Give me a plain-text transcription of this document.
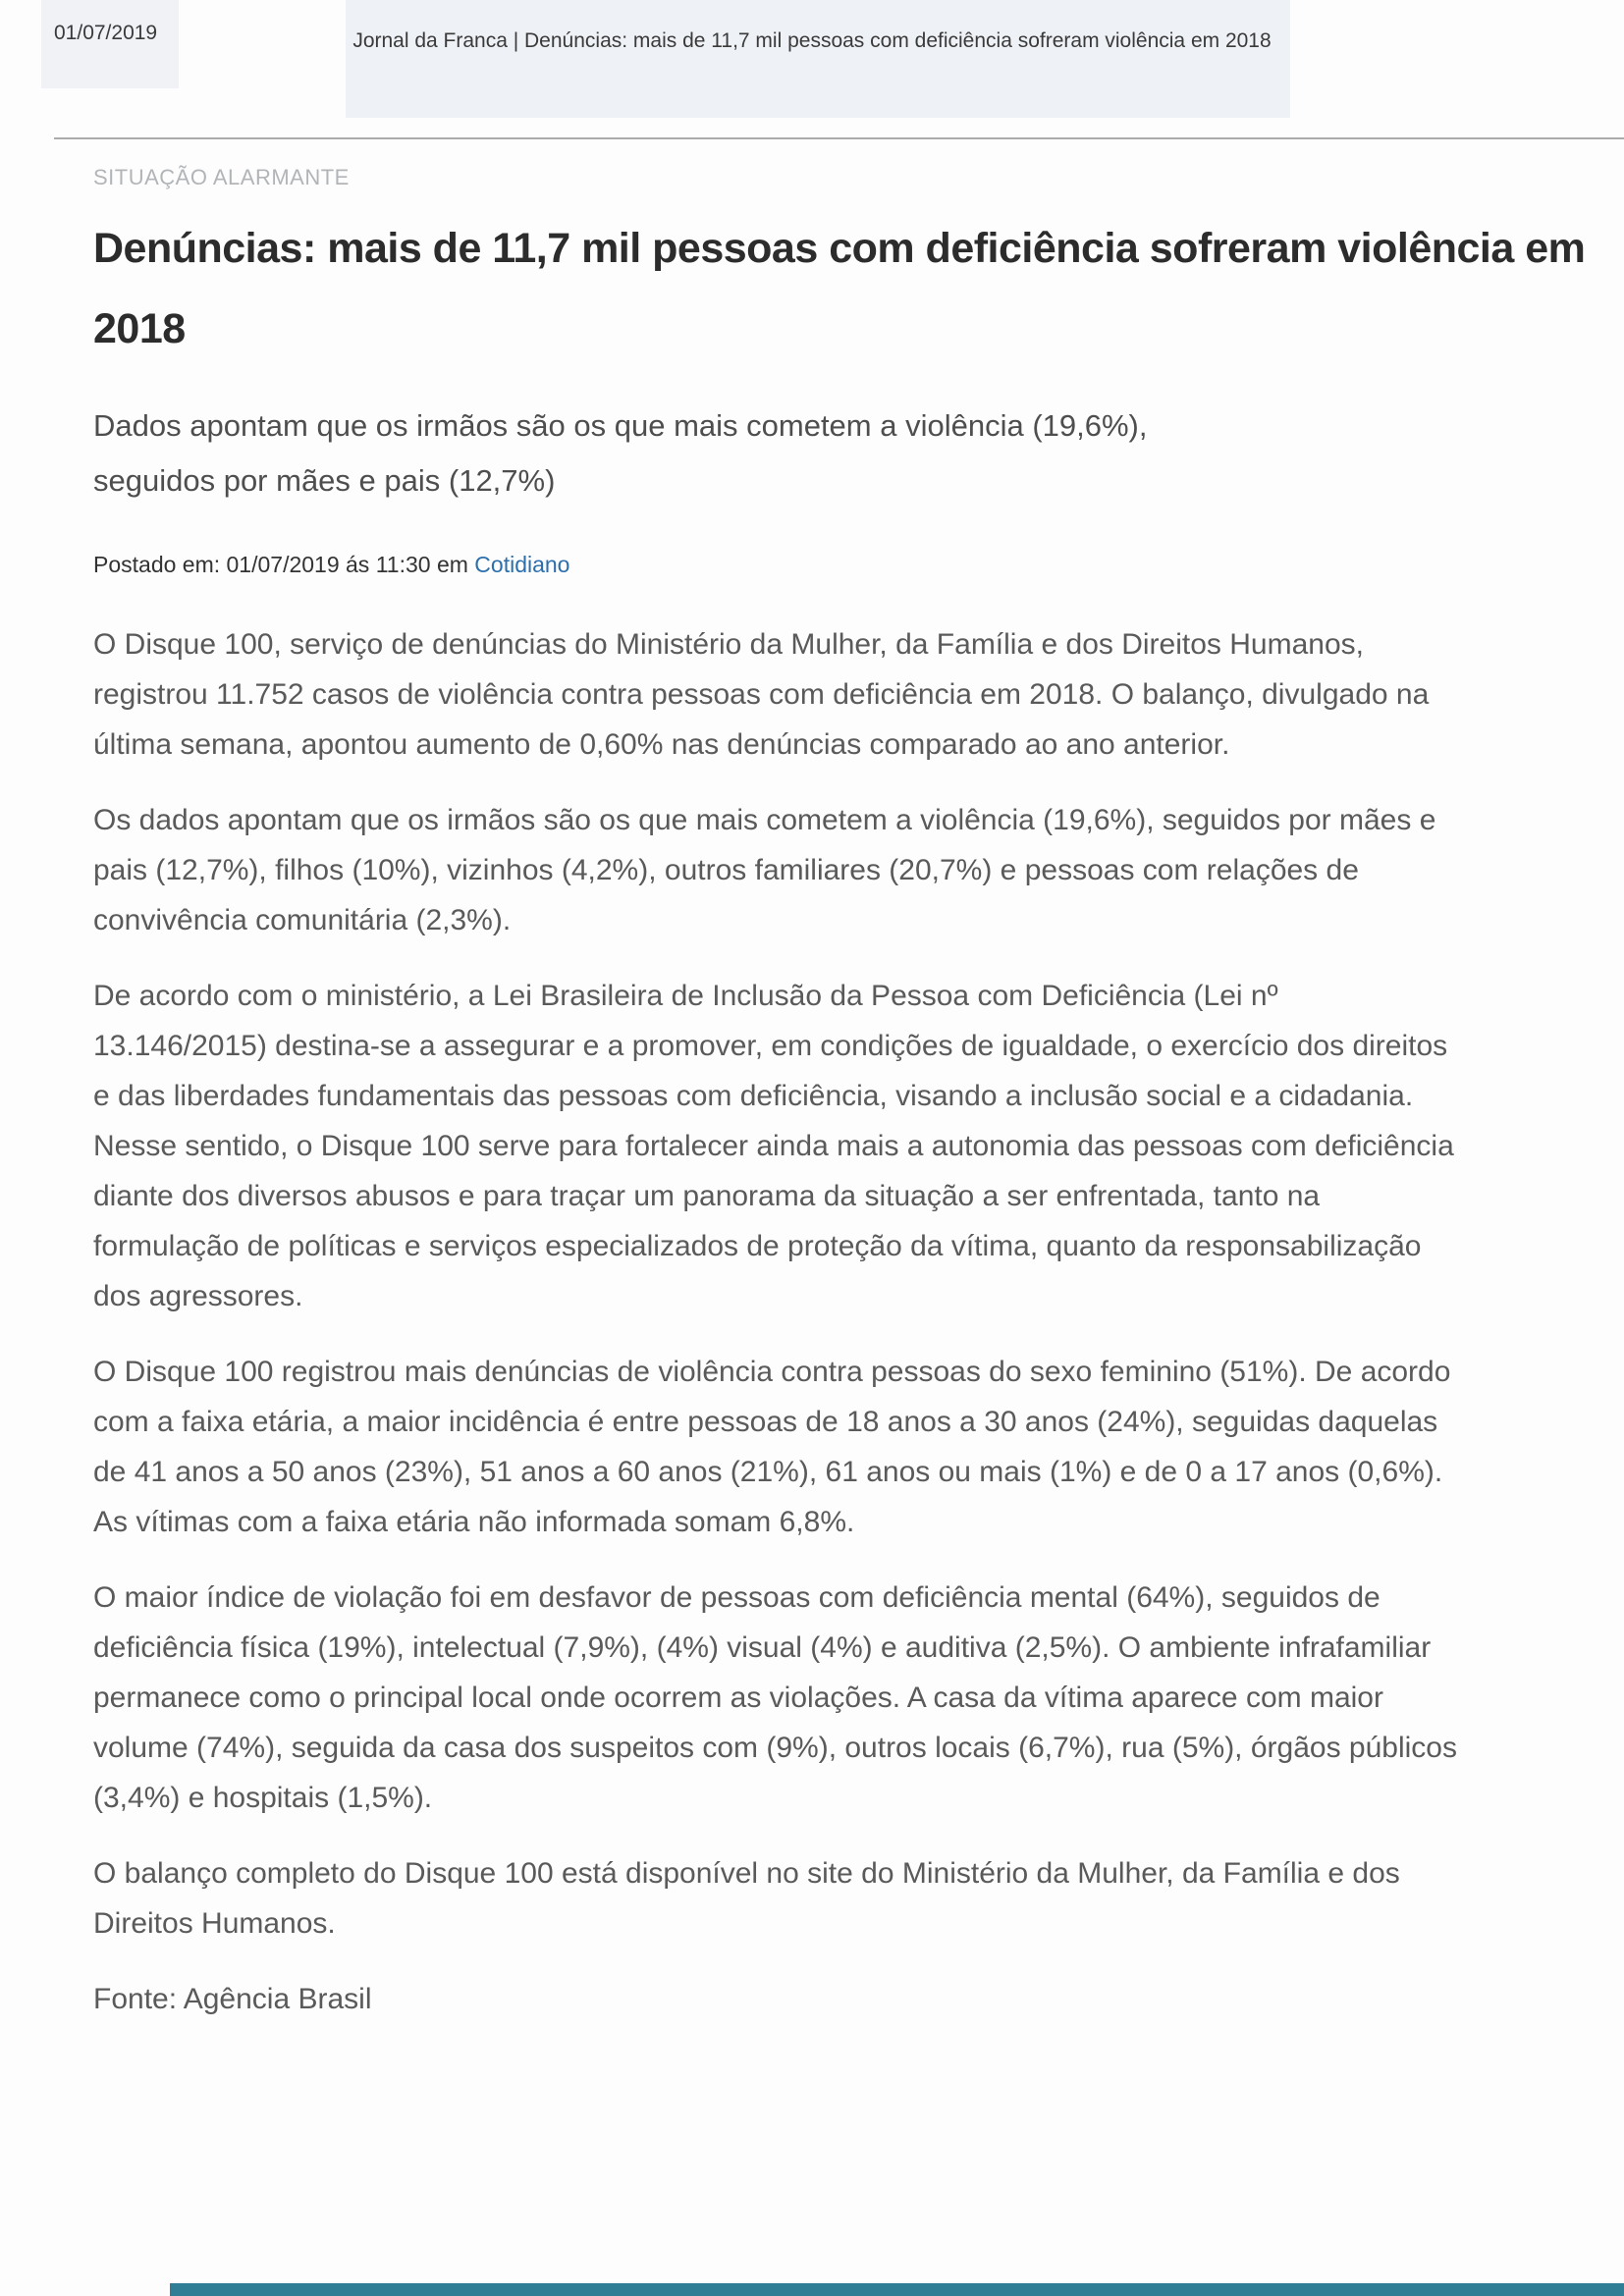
01/07/2019	Jornal da Franca | Denúncias: mais de 11,7 mil pessoas com deficiência sofreram violência em 2018
SITUAÇÃO ALARMANTE
Denúncias: mais de 11,7 mil pessoas com deficiência sofreram violência em 2018
Dados apontam que os irmãos são os que mais cometem a violência (19,6%), seguidos por mães e pais (12,7%)
Postado em: 01/07/2019 ás 11:30 em Cotidiano

O Disque 100, serviço de denúncias do Ministério da Mulher, da Família e dos Direitos Humanos, registrou 11.752 casos de violência contra pessoas com deficiência em 2018. O balanço, divulgado na última semana, apontou aumento de 0,60% nas denúncias comparado ao ano anterior.

Os dados apontam que os irmãos são os que mais cometem a violência (19,6%), seguidos por mães e pais (12,7%), filhos (10%), vizinhos (4,2%), outros familiares (20,7%) e pessoas com relações de convivência comunitária (2,3%).

De acordo com o ministério, a Lei Brasileira de Inclusão da Pessoa com Deficiência (Lei nº 13.146/2015) destina-se a assegurar e a promover, em condições de igualdade, o exercício dos direitos e das liberdades fundamentais das pessoas com deficiência, visando a inclusão social e a cidadania. Nesse sentido, o Disque 100 serve para fortalecer ainda mais a autonomia das pessoas com deficiência diante dos diversos abusos e para traçar um panorama da situação a ser enfrentada, tanto na formulação de políticas e serviços especializados de proteção da vítima, quanto da responsabilização dos agressores.

O Disque 100 registrou mais denúncias de violência contra pessoas do sexo feminino (51%). De acordo com a faixa etária, a maior incidência é entre pessoas de 18 anos a 30 anos (24%), seguidas daquelas de 41 anos a 50 anos (23%), 51 anos a 60 anos (21%), 61 anos ou mais (1%) e de 0 a 17 anos (0,6%). As vítimas com a faixa etária não informada somam 6,8%.

O maior índice de violação foi em desfavor de pessoas com deficiência mental (64%), seguidos de deficiência física (19%), intelectual (7,9%), (4%) visual (4%) e auditiva (2,5%). O ambiente infrafamiliar permanece como o principal local onde ocorrem as violações. A casa da vítima aparece com maior volume (74%), seguida da casa dos suspeitos com (9%), outros locais (6,7%), rua (5%), órgãos públicos (3,4%) e hospitais (1,5%).

O balanço completo do Disque 100 está disponível no site do Ministério da Mulher, da Família e dos Direitos Humanos.

Fonte: Agência Brasil
